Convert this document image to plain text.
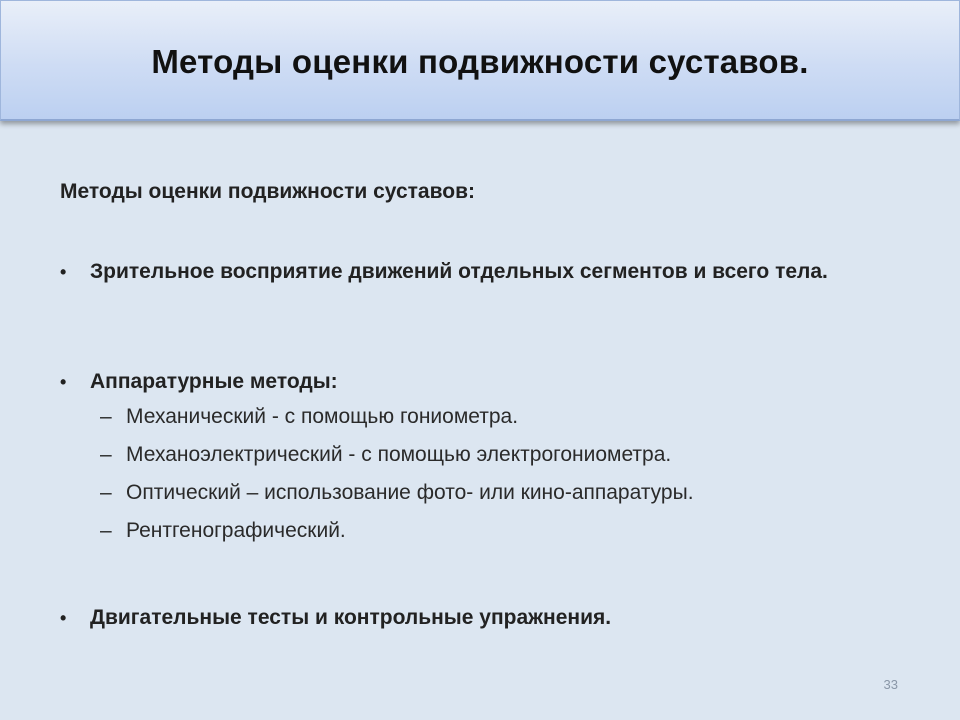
Методы оценки подвижности суставов.

Методы оценки подвижности суставов:

• Зрительное восприятие движений отдельных сегментов и всего тела.
• Аппаратурные методы:
– Механический - с помощью гониометра.
– Механоэлектрический - с помощью электрогониометра.
– Оптический – использование фото- или кино-аппаратуры.
– Рентгенографический.
• Двигательные тесты и контрольные упражнения.
33
